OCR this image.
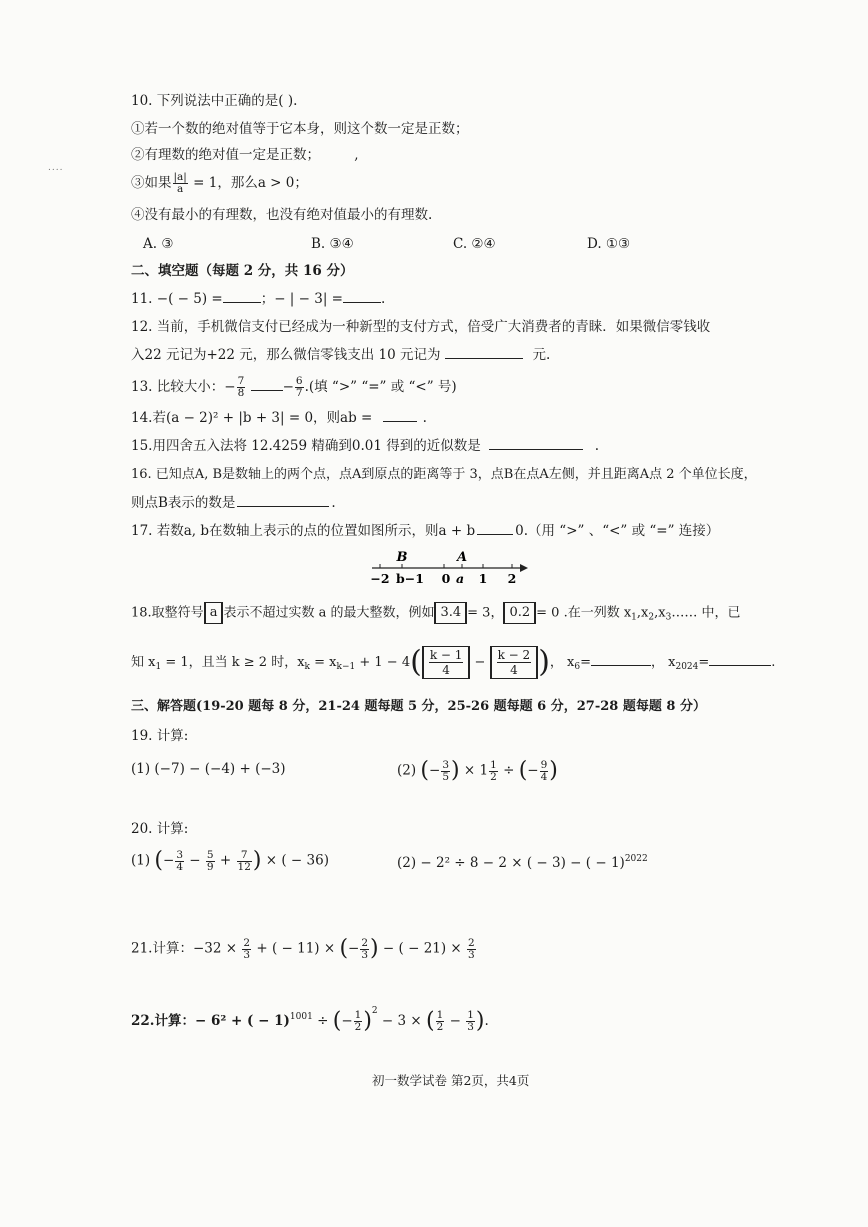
....
10. 下列说法中正确的是( ).
①若一个数的绝对值等于它本身，则这个数一定是正数；
②有理数的绝对值一定是正数；	,
③如果 $\frac{|a|}{a} = 1$，那么a > 0；
④没有最小的有理数，也没有绝对值最小的有理数.
A. ③	B. ③④	C. ②④	D. ①③
二、填空题（每题 2 分，共 16 分）
11. −( − 5) =	；− | − 3| =	.
12. 当前，手机微信支付已经成为一种新型的支付方式，倍受广大消费者的青睐．如果微信零钱收
入22 元记为+22 元，那么微信零钱支出 10 元记为	元.
13. 比较大小：− $\frac{7}{8}$	− $\frac{6}{7}$ .(填 “>” “=” 或 “<” 号)
14.若(a − 2)² + |b + 3| = 0，则ab =	.
15.用四舍五入法将 12.4259 精确到0.01 得到的近似数是	.
16. 已知点A, B是数轴上的两个点，点A到原点的距离等于 3，点B在点A左侧，并且距离A点 2 个单位长度，
则点B表示的数是	.
17. 若数a, b在数轴上表示的点的位置如图所示，则a + b	0.（用 “>” 、“<” 或 “=” 连接）
B	A
−2 b−1 0 a 1 2
18.取整符号 a 表示不超过实数 a 的最大整数，例如 3.4 = 3， 0.2 = 0 .在一列数 $x_1,x_2,x_3\dots\dots$ 中，已
知 $x_1 = 1$，且当 k ≥ 2 时，$x_k = x_{k-1} + 1 - 4( \frac{k - 1}{4} - \frac{k - 2}{4}$ )， $x_6=$	， $x_{2024}=$	.
三、解答题(19-20 题每 8 分，21-24 题每题 5 分，25-26 题每题 6 分，27-28 题每题 8 分）
19. 计算:
(1) (−7) − (−4) + (−3)	(2) (− $\frac{3}{5}$ ) × $1 \frac{1}{2}$ ÷ (− $\frac{9}{4}$ )
20. 计算:
(1) (− $\frac{3}{4} - \frac{5}{9} + \frac{7}{12}$ ) × ( − 36)	(2) − 2² ÷ 8 − 2 × ( − 3) − ( − 1)$^{2022}$
21.计算：$-32 \times \frac{2}{3}$ + ( − 11) × (− $\frac{2}{3}$ ) − ( − $21) \times \frac{2}{3}$
22.计算：− 6² + ( − 1)$^{1001}$ ÷ (− $\frac{1}{2} )^2 - 3$ × ( $\frac{1}{2} - \frac{1}{3}$ ).
初一数学试卷 第2页，共4页
